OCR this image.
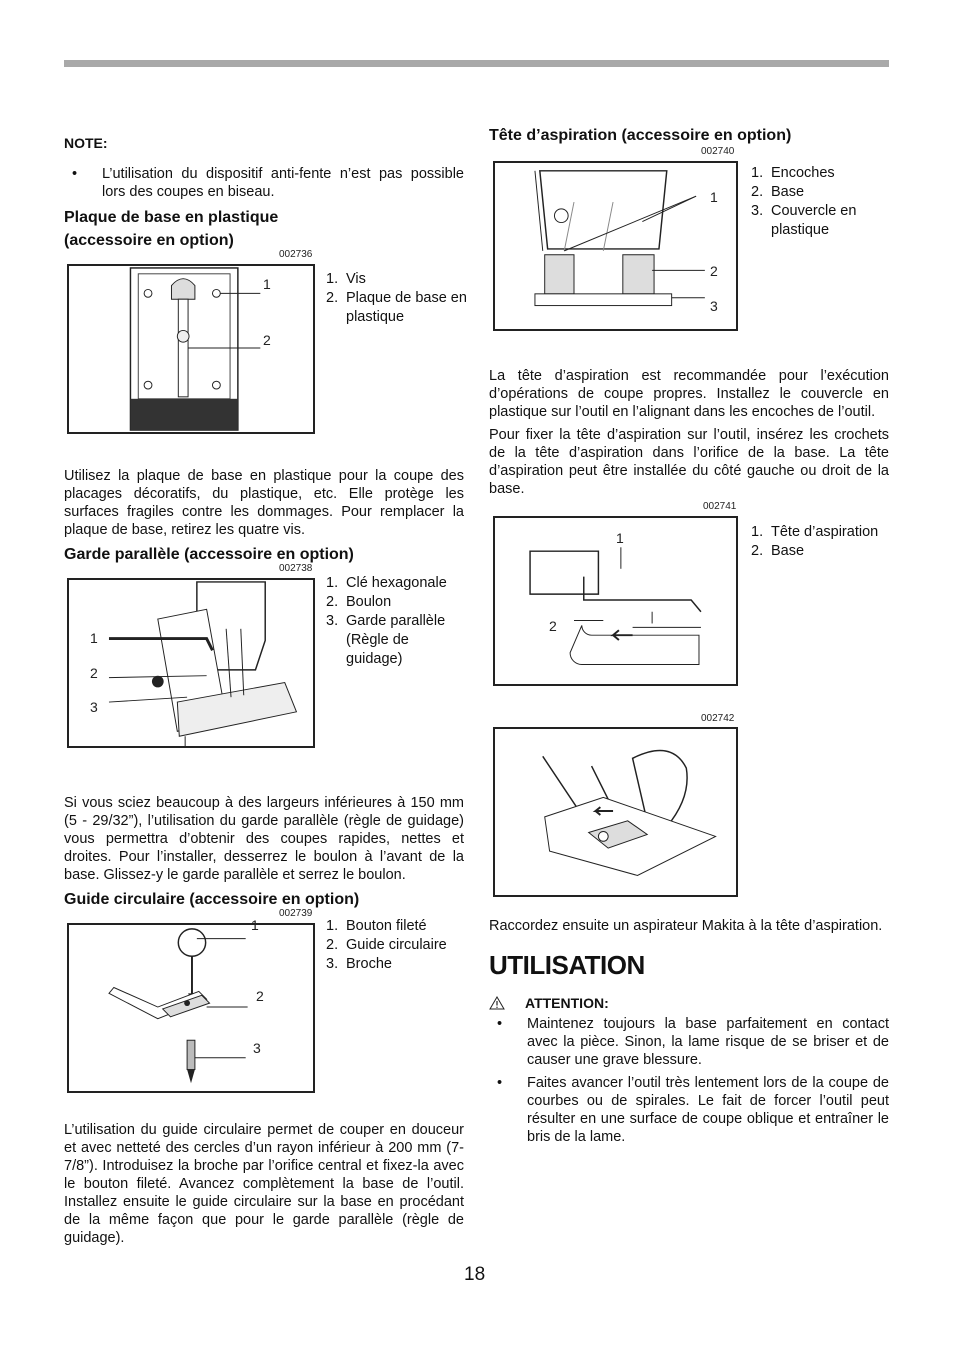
NOTE:
•	L’utilisation du dispositif anti-fente n’est pas possible lors des coupes en biseau.
Plaque de base en plastique
(accessoire en option)
002736
1
2
1. Vis
2. Plaque de base en plastique

Utilisez la plaque de base en plastique pour la coupe des placages décoratifs, du plastique, etc. Elle protège les surfaces fragiles contre les dommages. Pour remplacer la plaque de base, retirez les quatre vis.

Garde parallèle (accessoire en option)
002738
1
2
3
1. Clé hexagonale
2. Boulon
3. Garde parallèle (Règle de guidage)

Si vous sciez beaucoup à des largeurs inférieures à 150 mm (5 - 29/32”), l’utilisation du garde parallèle (règle de guidage) vous permettra d’obtenir des coupes rapides, nettes et droites. Pour l’installer, desserrez le boulon à l’avant de la base. Glissez-y le garde parallèle et serrez le boulon.

Guide circulaire (accessoire en option)
002739
1
2
3
1. Bouton fileté
2. Guide circulaire
3. Broche

L’utilisation du guide circulaire permet de couper en douceur et avec netteté des cercles d’un rayon inférieur à 200 mm (7-7/8”). Introduisez la broche par l’orifice central et fixez-la avec le bouton fileté. Avancez complètement la base de l’outil. Installez ensuite le guide circulaire sur la base en procédant de la même façon que pour le garde parallèle (règle de guidage).

Tête d’aspiration (accessoire en option)
002740
1
2
3
1. Encoches
2. Base
3. Couvercle en plastique

La tête d’aspiration est recommandée pour l’exécution d’opérations de coupe propres. Installez le couvercle en plastique sur l’outil en l’alignant dans les encoches de l’outil.

Pour fixer la tête d’aspiration sur l’outil, insérez les crochets de la tête d’aspiration dans l’orifice de la base. La tête d’aspiration peut être installée du côté gauche ou droit de la base.

002741
1
2
1. Tête d’aspiration
2. Base
002742

Raccordez ensuite un aspirateur Makita à la tête d’aspiration.

UTILISATION
ATTENTION:
•	Maintenez toujours la base parfaitement en contact avec la pièce. Sinon, la lame risque de se briser et de causer une grave blessure.
•	Faites avancer l’outil très lentement lors de la coupe de courbes ou de spirales. Le fait de forcer l’outil peut résulter en une surface de coupe oblique et entraîner le bris de la lame.
18
